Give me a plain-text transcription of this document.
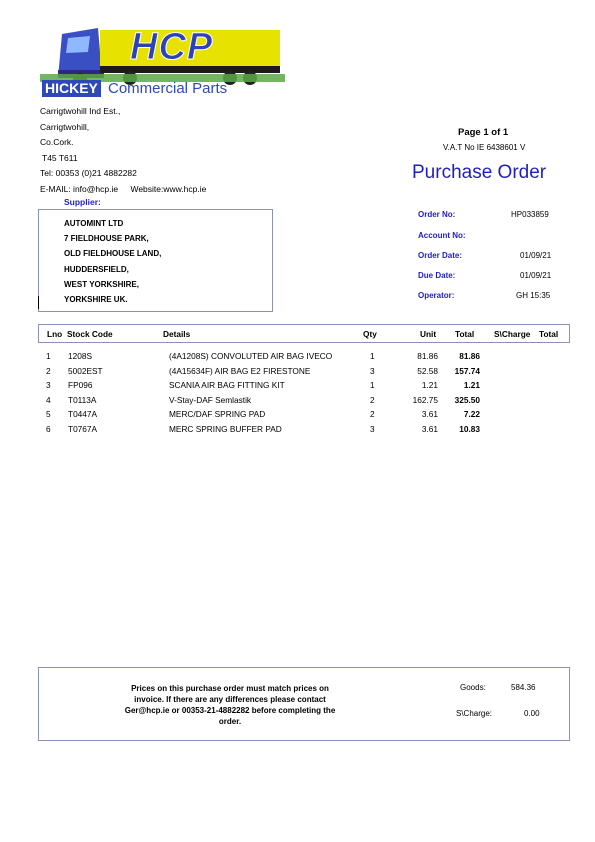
HCP
HICKEY Commercial Parts
Carrigtwohill Ind Est.,
Carrigtwohill,
Co.Cork.
T45 T611
Tel: 00353 (0)21 4882282
E-MAIL: info@hcp.ie Website:www.hcp.ie
Page 1 of 1
V.A.T No IE 6438601 V
Purchase Order
Supplier:
AUTOMINT LTD
7 FIELDHOUSE PARK,
OLD FIELDHOUSE LAND,
HUDDERSFIELD,
WEST YORKSHIRE,
YORKSHIRE UK.
Order No:	HP033859
Account No:
Order Date:	01/09/21
Due Date:	01/09/21
Operator:	GH 15:35
Lno Stock Code	Details	Qty	Unit Total S\Charge Total
1 1208S	(4A1208S) CONVOLUTED AIR BAG IVECO	1	81.86	81.86
2 5002EST	(4A15634F) AIR BAG E2 FIRESTONE	3	52.58	157.74
3 FP096	SCANIA AIR BAG FITTING KIT	1	1.21	1.21
4 T0113A	V-Stay-DAF Semlastik	2	162.75	325.50
5 T0447A	MERC/DAF SPRING PAD	2	3.61	7.22
6 T0767A	MERC SPRING BUFFER PAD	3	3.61	10.83
Prices on this purchase order must match prices on
invoice. If there are any differences please contact
Ger@hcp.ie or 00353-21-4882282 before completing the
order.
Goods:	584.36
S\Charge:	0.00
